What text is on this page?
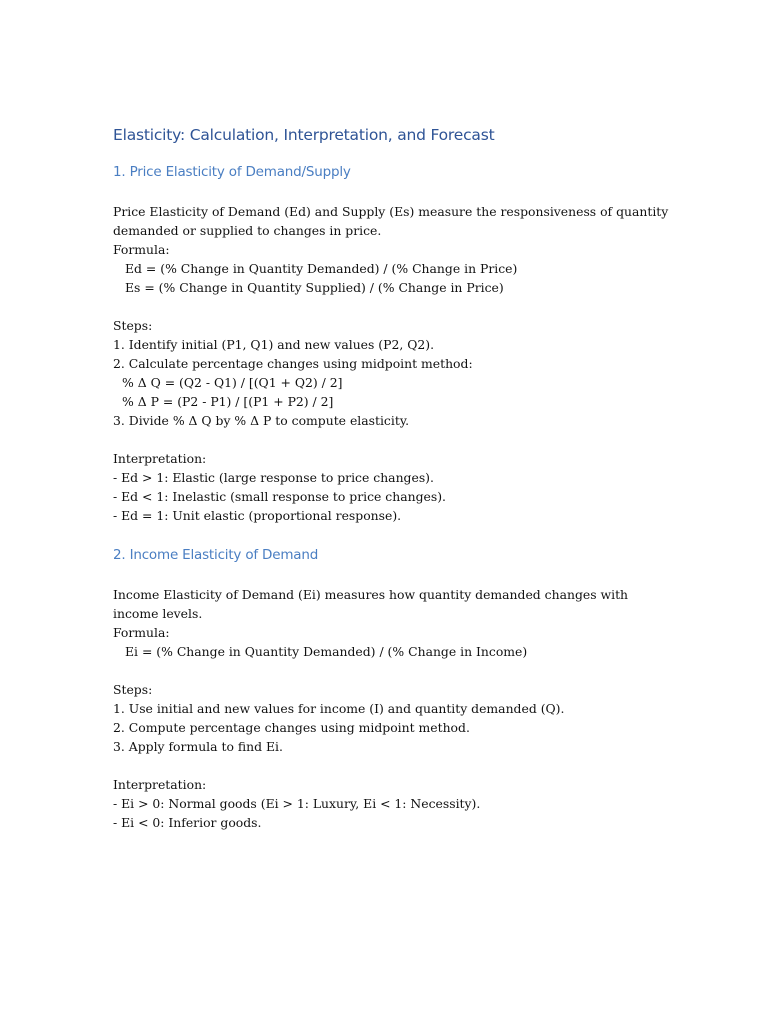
Elasticity: Calculation, Interpretation, and Forecast
1. Price Elasticity of Demand/Supply

Price Elasticity of Demand (Ed) and Supply (Es) measure the responsiveness of quantity demanded or supplied to changes in price.

Formula:

Ed = (% Change in Quantity Demanded) / (% Change in Price)

Es = (% Change in Quantity Supplied) / (% Change in Price)

Steps:

1. Identify initial (P1, Q1) and new values (P2, Q2).

2. Calculate percentage changes using midpoint method:

% Δ Q = (Q2 - Q1) / [(Q1 + Q2) / 2]

% Δ P = (P2 - P1) / [(P1 + P2) / 2]

3. Divide % Δ Q by % Δ P to compute elasticity.

Interpretation:

- Ed > 1: Elastic (large response to price changes).

- Ed < 1: Inelastic (small response to price changes).

- Ed = 1: Unit elastic (proportional response).

2. Income Elasticity of Demand

Income Elasticity of Demand (Ei) measures how quantity demanded changes with income levels.

Formula:

Ei = (% Change in Quantity Demanded) / (% Change in Income)

Steps:

1. Use initial and new values for income (I) and quantity demanded (Q).

2. Compute percentage changes using midpoint method.

3. Apply formula to find Ei.

Interpretation:

- Ei > 0: Normal goods (Ei > 1: Luxury, Ei < 1: Necessity).

- Ei < 0: Inferior goods.
